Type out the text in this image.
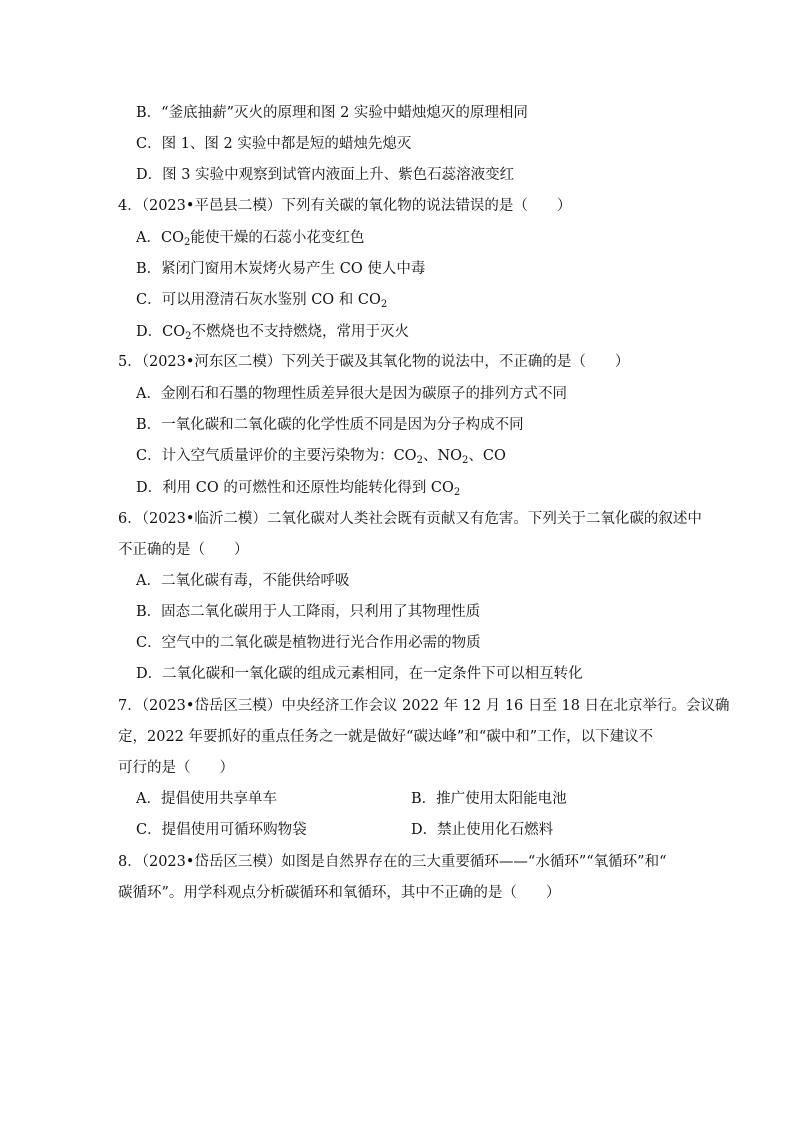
B．“釜底抽薪”灭火的原理和图 2 实验中蜡烛熄灭的原理相同
C．图 1、图 2 实验中都是短的蜡烛先熄灭
D．图 3 实验中观察到试管内液面上升、紫色石蕊溶液变红
4．（2023•平邑县二模）下列有关碳的氧化物的说法错误的是（　　）
A．$CO_2$能使干燥的石蕊小花变红色
B．紧闭门窗用木炭烤火易产生 CO 使人中毒
C．可以用澄清石灰水鉴别 CO 和 $CO_2$
D．$CO_2$不燃烧也不支持燃烧，常用于灭火
5．（2023•河东区二模）下列关于碳及其氧化物的说法中，不正确的是（　　）
A．金刚石和石墨的物理性质差异很大是因为碳原子的排列方式不同
B．一氧化碳和二氧化碳的化学性质不同是因为分子构成不同
C．计入空气质量评价的主要污染物为：$CO_2$、$NO_2$、CO
D．利用 CO 的可燃性和还原性均能转化得到 $CO_2$
6．（2023•临沂二模）二氧化碳对人类社会既有贡献又有危害。下列关于二氧化碳的叙述中
不正确的是（　　）
A．二氧化碳有毒，不能供给呼吸
B．固态二氧化碳用于人工降雨，只利用了其物理性质
C．空气中的二氧化碳是植物进行光合作用必需的物质
D．二氧化碳和一氧化碳的组成元素相同，在一定条件下可以相互转化
7．（2023•岱岳区三模）中央经济工作会议 2022 年 12 月 16 日至 18 日在北京举行。会议确
定，2022 年要抓好的重点任务之一就是做好“碳达峰”和“碳中和”工作，以下建议不
可行的是（　　）
A．提倡使用共享单车	B．推广使用太阳能电池
C．提倡使用可循环购物袋	D．禁止使用化石燃料
8．（2023•岱岳区三模）如图是自然界存在的三大重要循环——“水循环”“氧循环”和“
碳循环”。用学科观点分析碳循环和氧循环，其中不正确的是（　　）
